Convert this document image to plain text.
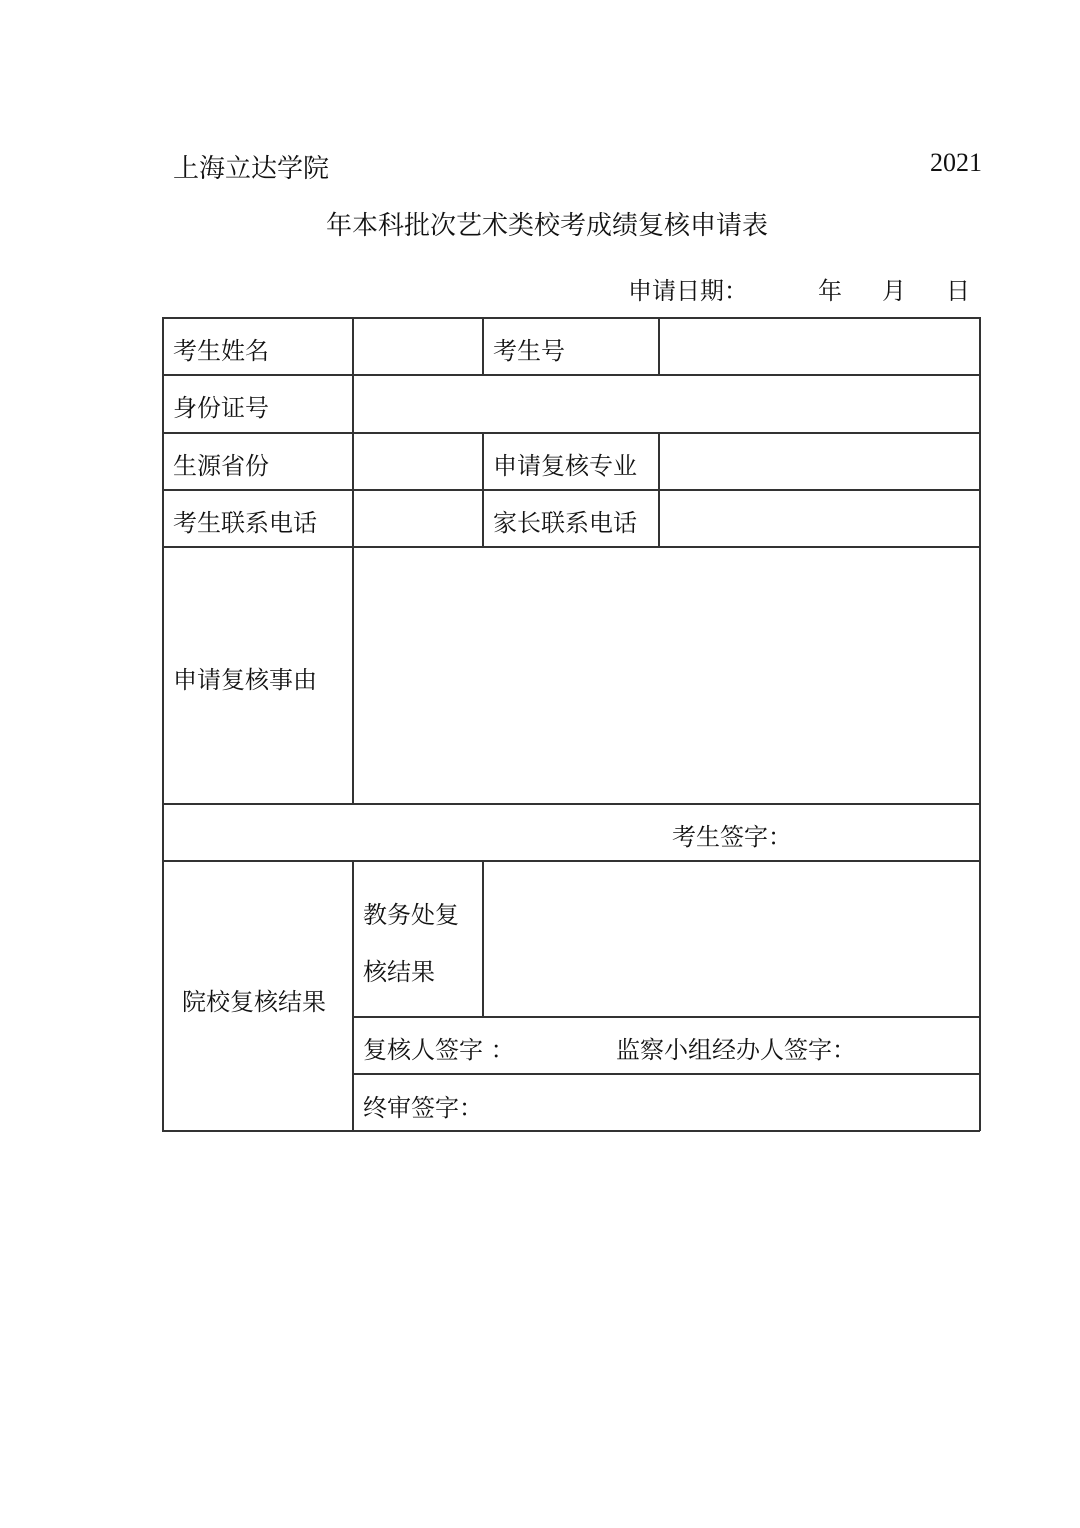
上海立达学院	2021
年本科批次艺术类校考成绩复核申请表
申请日期：	年 月 日
考生姓名	考生号
身份证号
生源省份	申请复核专业
考生联系电话	家长联系电话
申请复核事由
考生签字：
院校复核结果
教务处复
核结果
复核人签字 ：	监察小组经办人签字：
终审签字：
